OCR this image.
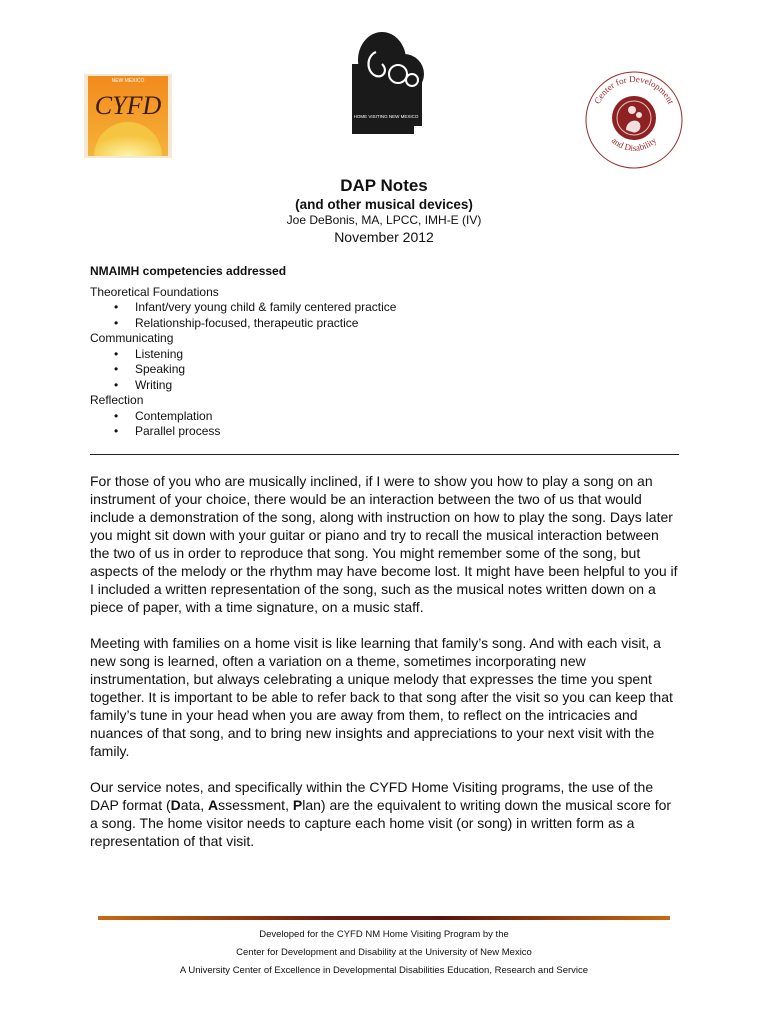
NEW MEXICO
CYFD	HOME VISITING NEW MEXICO
Center for Development
and Disability
DAP Notes
(and other musical devices)
Joe DeBonis, MA, LPCC, IMH-E (IV)
November 2012
NMAIMH competencies addressed
Theoretical Foundations
• Infant/very young child & family centered practice
• Relationship-focused, therapeutic practice
Communicating
• Listening
• Speaking
• Writing
Reflection
• Contemplation
• Parallel process

For those of you who are musically inclined, if I were to show you how to play a song on an instrument of your choice, there would be an interaction between the two of us that would include a demonstration of the song, along with instruction on how to play the song. Days later you might sit down with your guitar or piano and try to recall the musical interaction between the two of us in order to reproduce that song. You might remember some of the song, but aspects of the melody or the rhythm may have become lost. It might have been helpful to you if I included a written representation of the song, such as the musical notes written down on a piece of paper, with a time signature, on a music staff.

Meeting with families on a home visit is like learning that family’s song. And with each visit, a new song is learned, often a variation on a theme, sometimes incorporating new instrumentation, but always celebrating a unique melody that expresses the time you spent together. It is important to be able to refer back to that song after the visit so you can keep that family’s tune in your head when you are away from them, to reflect on the intricacies and nuances of that song, and to bring new insights and appreciations to your next visit with the family.

Our service notes, and specifically within the CYFD Home Visiting programs, the use of the DAP format (Data, Assessment, Plan) are the equivalent to writing down the musical score for a song. The home visitor needs to capture each home visit (or song) in written form as a representation of that visit.

Developed for the CYFD NM Home Visiting Program by the
Center for Development and Disability at the University of New Mexico
A University Center of Excellence in Developmental Disabilities Education, Research and Service
